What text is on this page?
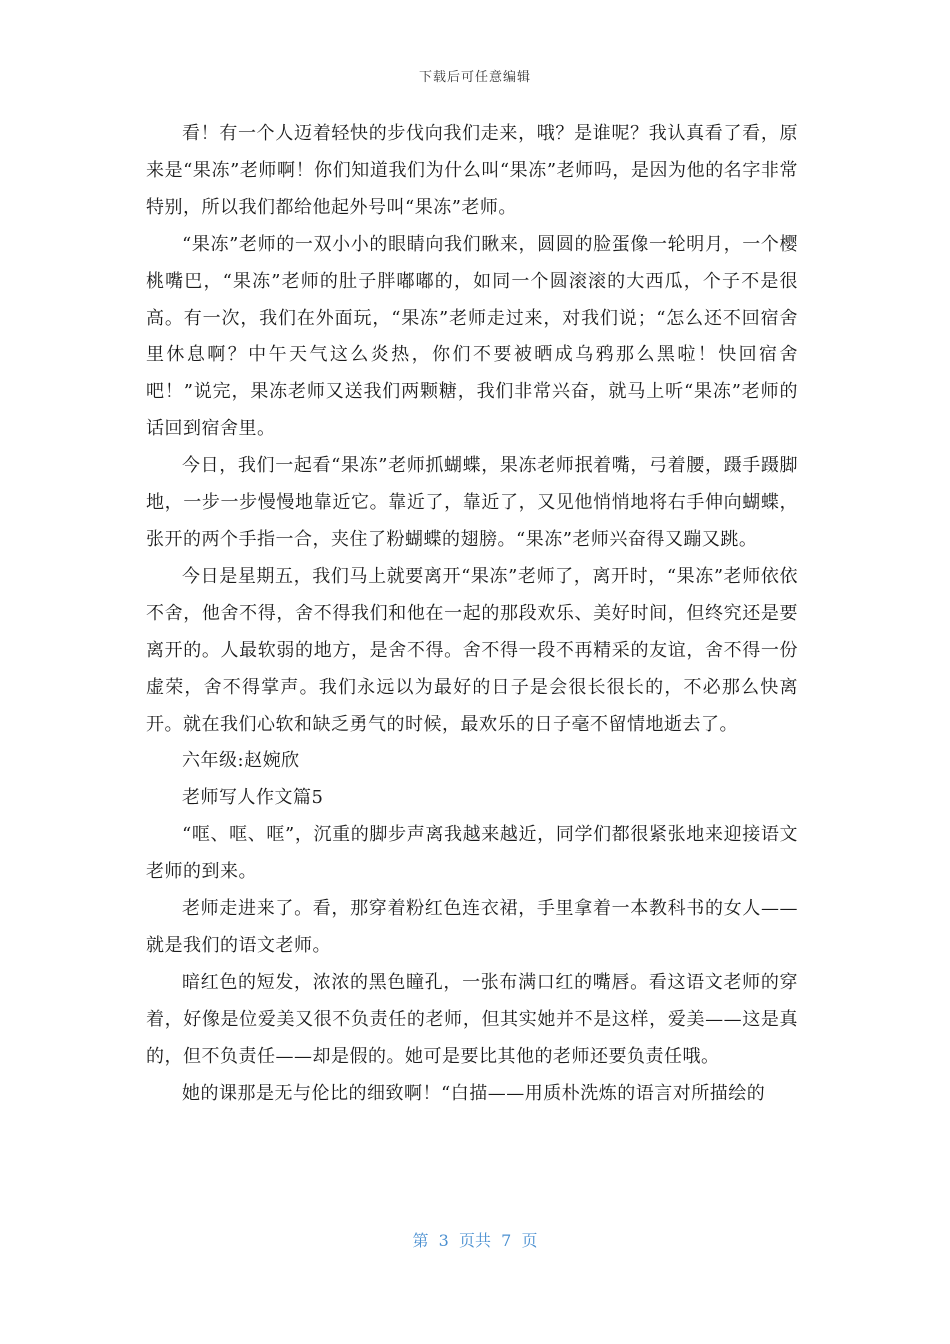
下载后可任意编辑

看！有一个人迈着轻快的步伐向我们走来，哦？是谁呢？我认真看了看，原来是“果冻”老师啊！你们知道我们为什么叫“果冻”老师吗，是因为他的名字非常特别，所以我们都给他起外号叫“果冻”老师。

“果冻”老师的一双小小的眼睛向我们瞅来，圆圆的脸蛋像一轮明月，一个樱桃嘴巴，“果冻”老师的肚子胖嘟嘟的，如同一个圆滚滚的大西瓜，个子不是很高。有一次，我们在外面玩，“果冻”老师走过来，对我们说；“怎么还不回宿舍里休息啊？中午天气这么炎热，你们不要被晒成乌鸦那么黑啦！快回宿舍吧！”说完，果冻老师又送我们两颗糖，我们非常兴奋，就马上听“果冻”老师的话回到宿舍里。

今日，我们一起看“果冻”老师抓蝴蝶，果冻老师抿着嘴，弓着腰，蹑手蹑脚地，一步一步慢慢地靠近它。靠近了，靠近了，又见他悄悄地将右手伸向蝴蝶，张开的两个手指一合，夹住了粉蝴蝶的翅膀。“果冻”老师兴奋得又蹦又跳。

今日是星期五，我们马上就要离开“果冻”老师了，离开时，“果冻”老师依依不舍，他舍不得，舍不得我们和他在一起的那段欢乐、美好时间，但终究还是要离开的。人最软弱的地方，是舍不得。舍不得一段不再精采的友谊，舍不得一份虚荣，舍不得掌声。我们永远以为最好的日子是会很长很长的，不必那么快离开。就在我们心软和缺乏勇气的时候，最欢乐的日子毫不留情地逝去了。

六年级:赵婉欣

老师写人作文篇5

“哐、哐、哐”，沉重的脚步声离我越来越近，同学们都很紧张地来迎接语文老师的到来。

老师走进来了。看，那穿着粉红色连衣裙，手里拿着一本教科书的女人——就是我们的语文老师。

暗红色的短发，浓浓的黑色瞳孔，一张布满口红的嘴唇。看这语文老师的穿着，好像是位爱美又很不负责任的老师，但其实她并不是这样，爱美——这是真的，但不负责任——却是假的。她可是要比其他的老师还要负责任哦。

她的课那是无与伦比的细致啊！“白描——用质朴洗炼的语言对所描绘的

第  3  页共  7  页
